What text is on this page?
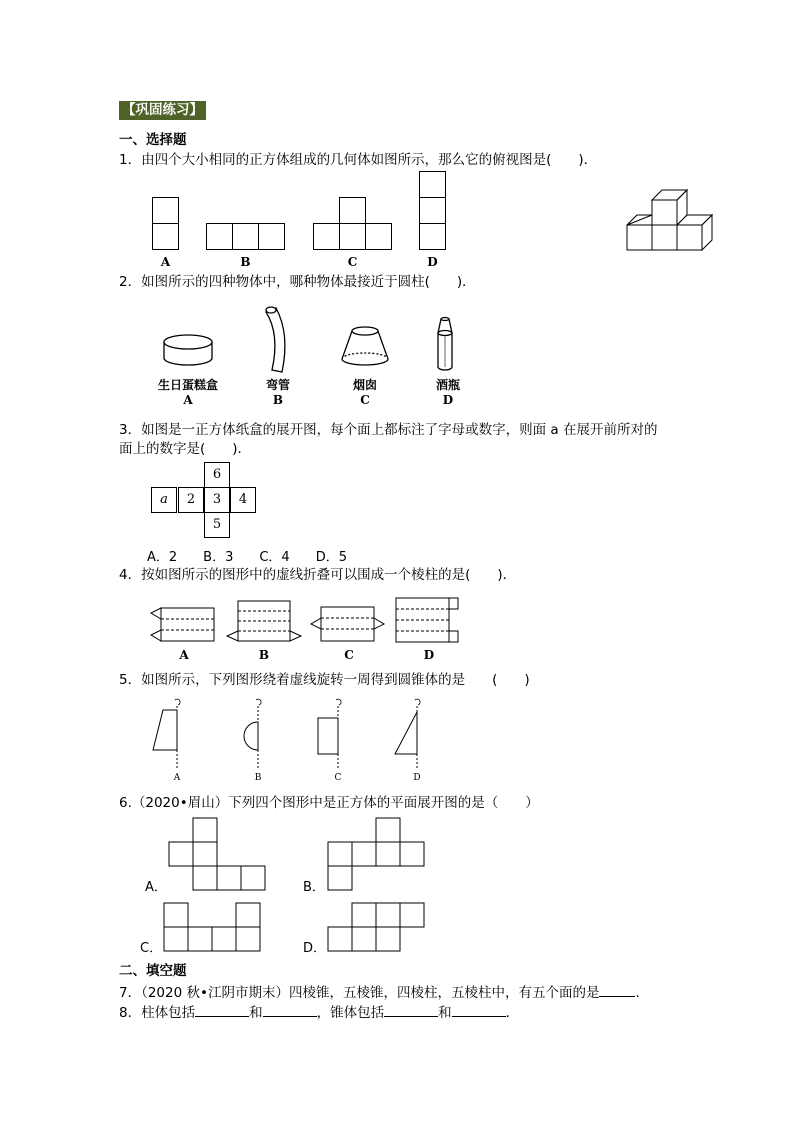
【巩固练习】
一、选择题
1．由四个大小相同的正方体组成的几何体如图所示，那么它的俯视图是(　　)．
A	B	C	D
2．如图所示的四种物体中，哪种物体最接近于圆柱(　　)．
生日蛋糕盒	弯管	烟囱	酒瓶
A	B	C	D
3．如图是一正方体纸盒的展开图，每个面上都标注了字母或数字，则面 a 在展开前所对的
面上的数字是(　　)．
6
a	2	3	4
5
A．2　　B．3　　C．4　　D．5
4．按如图所示的图形中的虚线折叠可以围成一个棱柱的是(　　)．
A	B	C	D
5．如图所示，下列图形绕着虚线旋转一周得到圆锥体的是　　(　　)
A	B	C	D
6.（2020•眉山）下列四个图形中是正方体的平面展开图的是（　　）
A．	B．
C．	D．
二、填空题
7．（2020 秋•江阴市期末）四棱锥，五棱锥，四棱柱，五棱柱中，有五个面的是	.
8．柱体包括	和	，锥体包括	和	．
